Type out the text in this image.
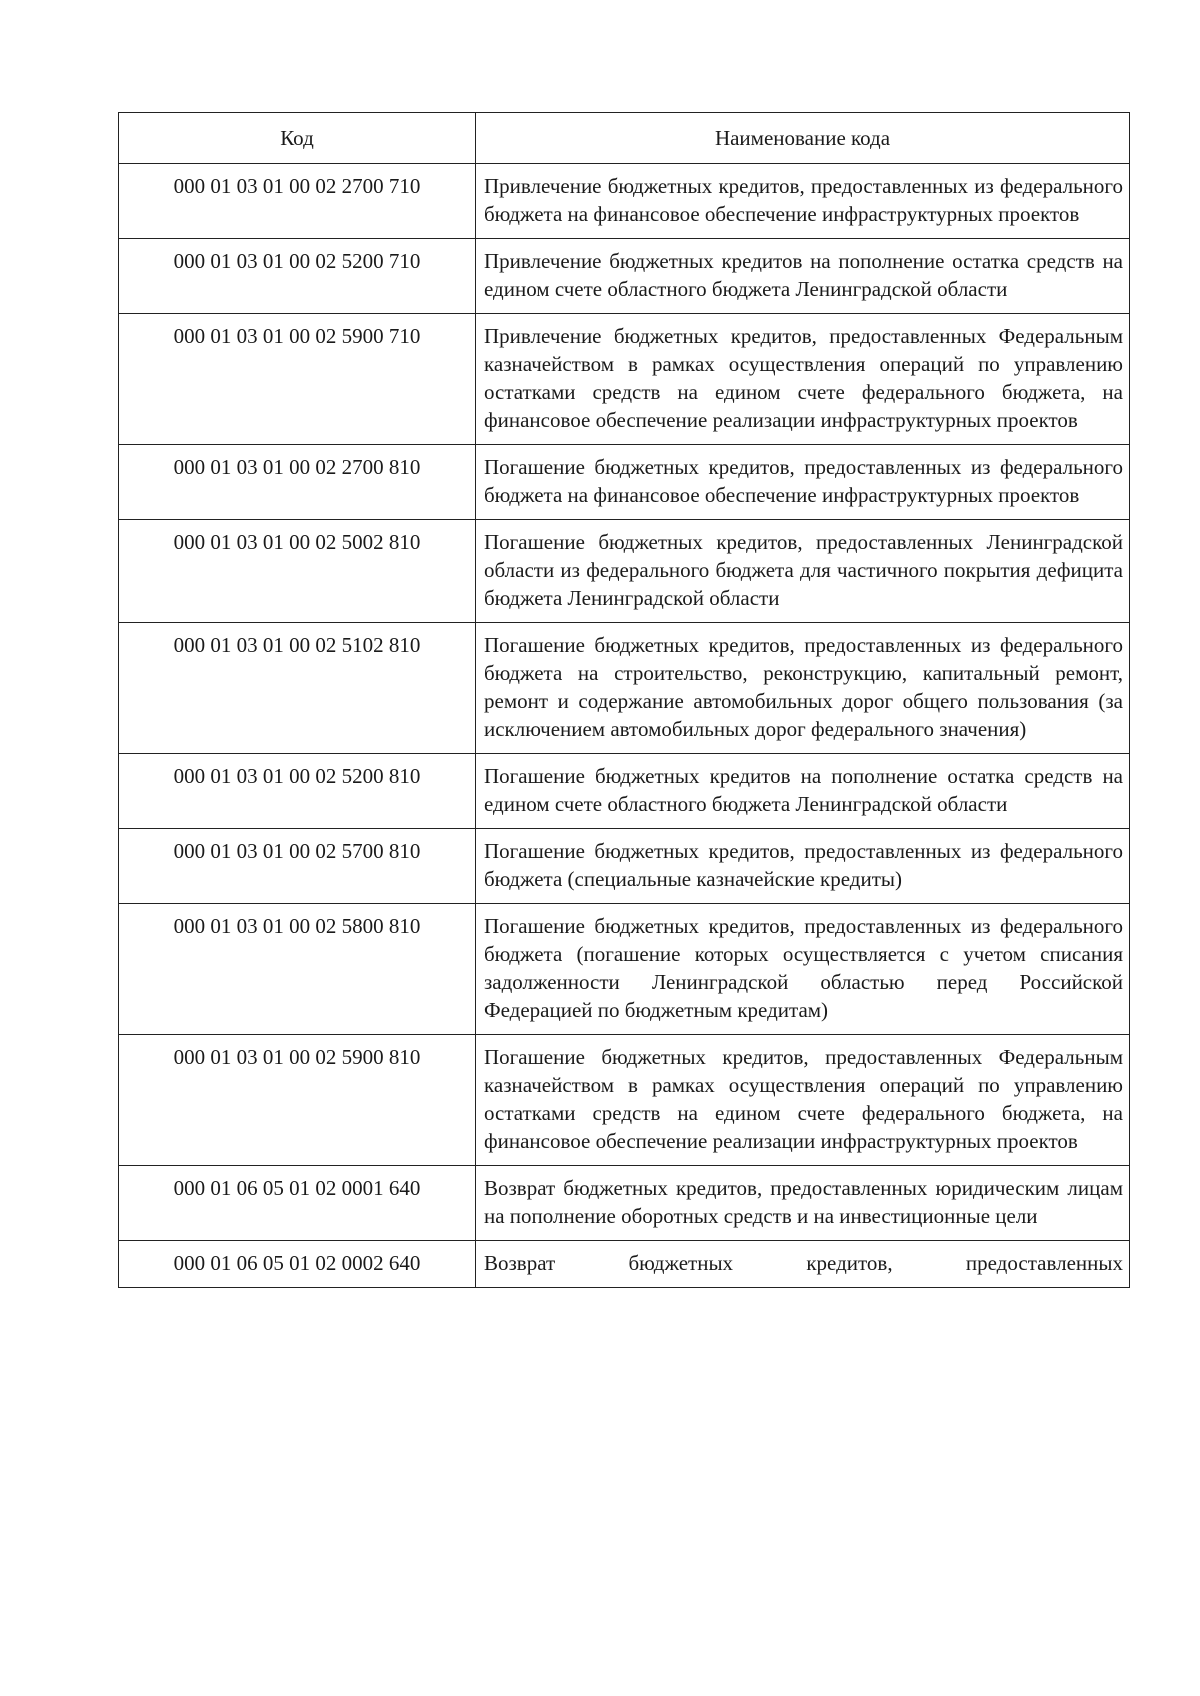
Код	Наименование кода
000 01 03 01 00 02 2700 710	Привлечение бюджетных кредитов, предоставленных из федерального бюджета на финансовое обеспечение инфраструктурных проектов
000 01 03 01 00 02 5200 710	Привлечение бюджетных кредитов на пополнение остатка средств на едином счете областного бюджета Ленинградской области
000 01 03 01 00 02 5900 710	Привлечение бюджетных кредитов, предоставленных Федеральным казначейством в рамках осуществления операций по управлению остатками средств на едином счете федерального бюджета, на финансовое обеспечение реализации инфраструктурных проектов
000 01 03 01 00 02 2700 810	Погашение бюджетных кредитов, предоставленных из федерального бюджета на финансовое обеспечение инфраструктурных проектов
000 01 03 01 00 02 5002 810	Погашение бюджетных кредитов, предоставленных Ленинградской области из федерального бюджета для частичного покрытия дефицита бюджета Ленинградской области
000 01 03 01 00 02 5102 810	Погашение бюджетных кредитов, предоставленных из федерального бюджета на строительство, реконструкцию, капитальный ремонт, ремонт и содержание автомобильных дорог общего пользования (за исключением автомобильных дорог федерального значения)
000 01 03 01 00 02 5200 810	Погашение бюджетных кредитов на пополнение остатка средств на едином счете областного бюджета Ленинградской области
000 01 03 01 00 02 5700 810	Погашение бюджетных кредитов, предоставленных из федерального бюджета (специальные казначейские кредиты)
000 01 03 01 00 02 5800 810	Погашение бюджетных кредитов, предоставленных из федерального бюджета (погашение которых осуществляется с учетом списания задолженности Ленинградской областью перед Российской Федерацией по бюджетным кредитам)
000 01 03 01 00 02 5900 810	Погашение бюджетных кредитов, предоставленных Федеральным казначейством в рамках осуществления операций по управлению остатками средств на едином счете федерального бюджета, на финансовое обеспечение реализации инфраструктурных проектов
000 01 06 05 01 02 0001 640	Возврат бюджетных кредитов, предоставленных юридическим лицам на пополнение оборотных средств и на инвестиционные цели
000 01 06 05 01 02 0002 640	Возврат бюджетных кредитов, предоставленных
